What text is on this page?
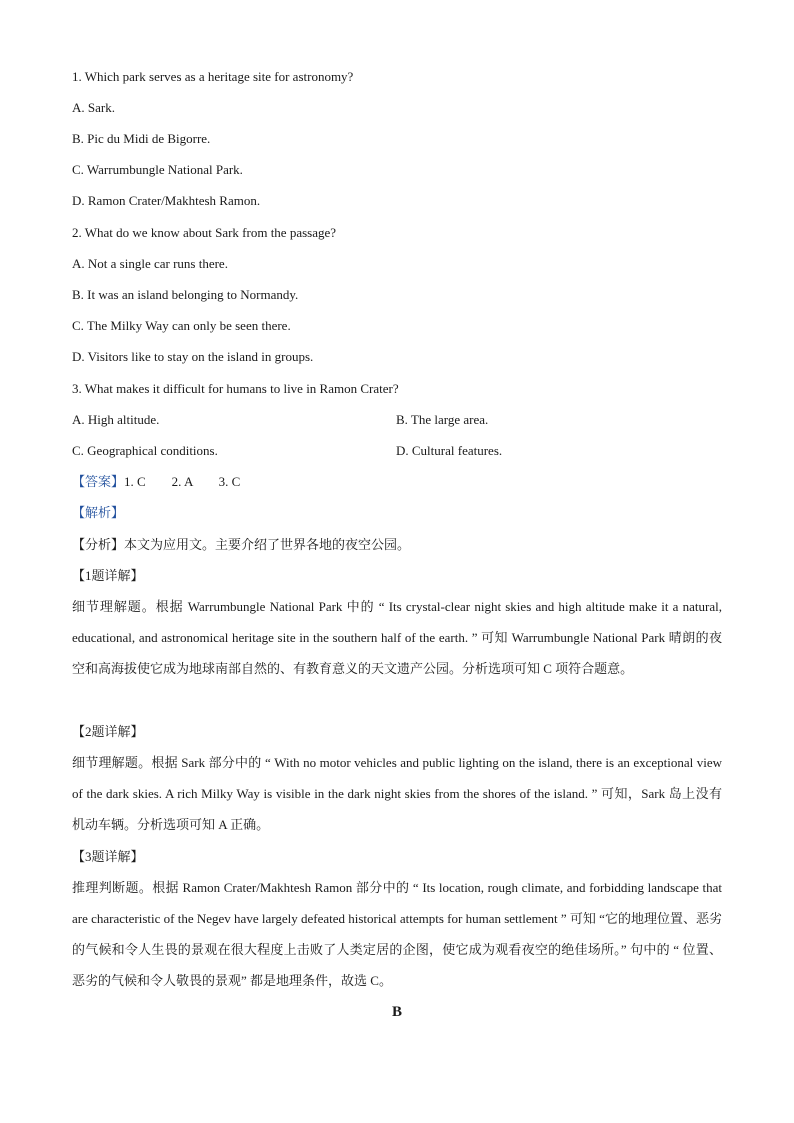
1. Which park serves as a heritage site for astronomy?
A. Sark.
B. Pic du Midi de Bigorre.
C. Warrumbungle National Park.
D. Ramon Crater/Makhtesh Ramon.
2. What do we know about Sark from the passage?
A. Not a single car runs there.
B. It was an island belonging to Normandy.
C. The Milky Way can only be seen there.
D. Visitors like to stay on the island in groups.
3. What makes it difficult for humans to live in Ramon Crater?
A. High altitude.	B. The large area.
C. Geographical conditions.	D. Cultural features.
【答案】1. C        2. A        3. C
【解析】
【分析】本文为应用文。主要介绍了世界各地的夜空公园。
【1题详解】
细节理解题。根据 Warrumbungle National Park 中的 “ Its crystal-clear night skies and high altitude make it a natural, educational, and astronomical heritage site in the southern half of the earth. ” 可知 Warrumbungle National Park 晴朗的夜空和高海拔使它成为地球南部自然的、有教育意义的天文遗产公园。分析选项可知 C 项符合题意。
【2题详解】
细节理解题。根据 Sark 部分中的 “ With no motor vehicles and public lighting on the island, there is an exceptional view of the dark skies. A rich Milky Way is visible in the dark night skies from the shores of the island. ” 可知，Sark 岛上没有机动车辆。分析选项可知 A 正确。
【3题详解】
推理判断题。根据 Ramon Crater/Makhtesh Ramon 部分中的 “ Its location, rough climate, and forbidding landscape that are characteristic of the Negev have largely defeated historical attempts for human settlement ” 可知 “它的地理位置、恶劣的气候和令人生畏的景观在很大程度上击败了人类定居的企图，使它成为观看夜空的绝佳场所。” 句中的 “ 位置、恶劣的气候和令人敬畏的景观” 都是地理条件，故选 C。
B
